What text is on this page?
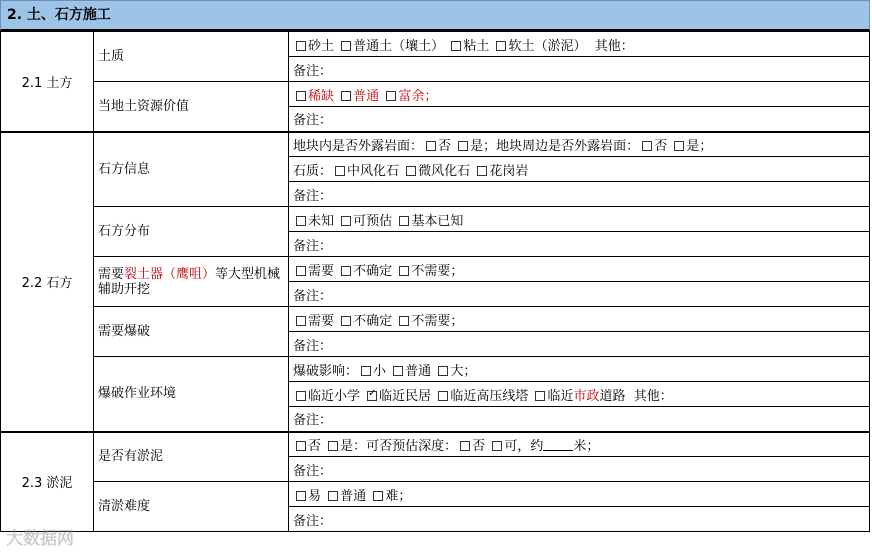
2. 土、石方施工
2.1 土方	土质	砂土 普通土（壤土） 粘土 软土（淤泥） 其他：
		备注：
	当地土资源价值	稀缺 普通 富余；
		备注：
2.2 石方	石方信息	地块内是否外露岩面： 否 是；地块周边是否外露岩面： 否 是；
		石质： 中风化石 微风化石 花岗岩
		备注：
	石方分布	未知 可预估 基本已知
		备注：
	需要裂土器（鹰咀）等大型机械辅助开挖	需要 不确定 不需要；
		备注：
	需要爆破	需要 不确定 不需要；
		备注：
	爆破作业环境	爆破影响： 小 普通 大；
		临近小学 ✓ 临近民居 临近高压线塔 临近市政道路 其他：
		备注：
2.3 淤泥	是否有淤泥	否 是：可否预估深度： 否 可，约 米；
		备注：
	清淤难度	易 普通 难；
		备注：
大数据网
